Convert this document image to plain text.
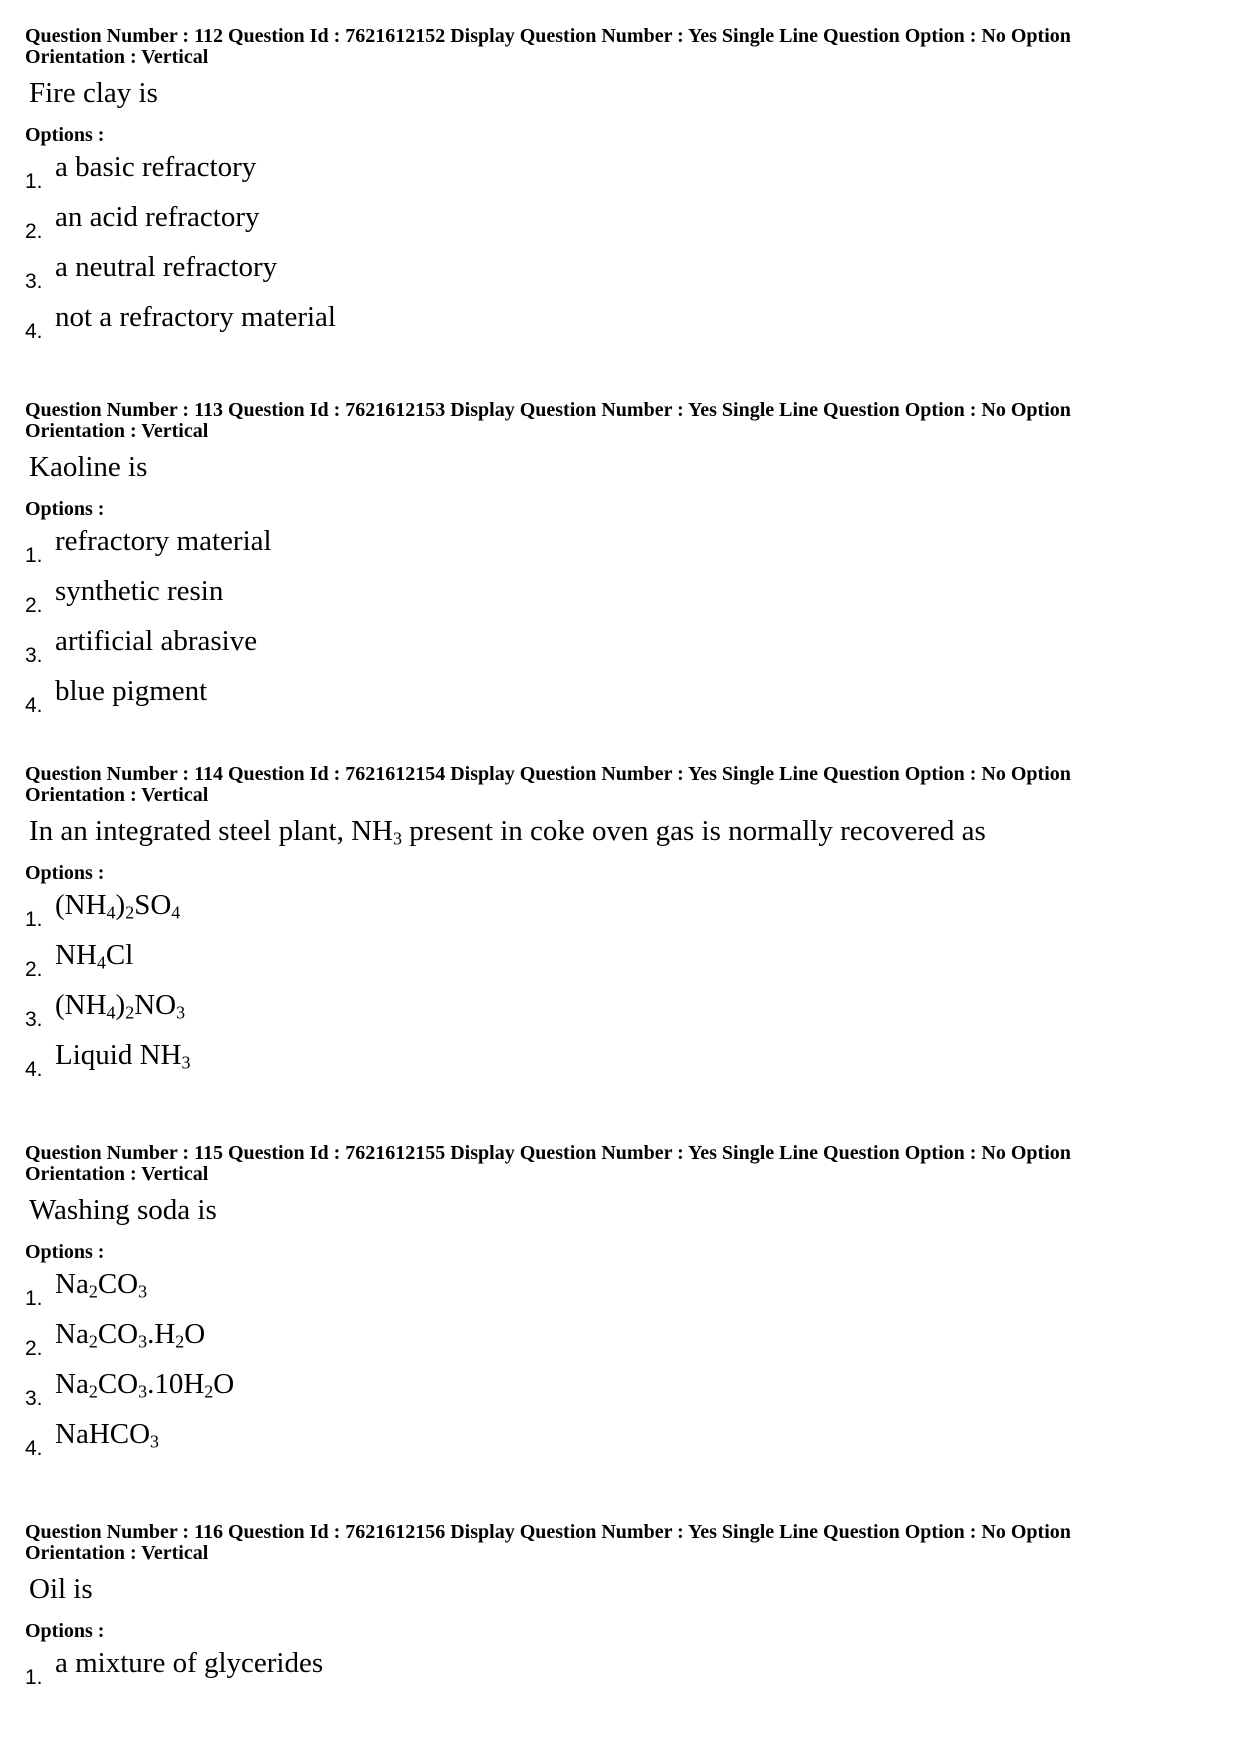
Question Number : 112 Question Id : 7621612152 Display Question Number : Yes Single Line Question Option : No Option
Orientation : Vertical

Fire clay is
Options :
1. a basic refractory
2. an acid refractory
3. a neutral refractory
4. not a refractory material

Question Number : 113 Question Id : 7621612153 Display Question Number : Yes Single Line Question Option : No Option
Orientation : Vertical

Kaoline is
Options :
1. refractory material
2. synthetic resin
3. artificial abrasive
4. blue pigment

Question Number : 114 Question Id : 7621612154 Display Question Number : Yes Single Line Question Option : No Option
Orientation : Vertical

In an integrated steel plant, $NH_3$ present in coke oven gas is normally recovered as
Options :
1. $(NH_4)_2SO_4$
2. $NH_4Cl$
3. $(NH_4)_2NO_3$
4. Liquid $NH_3$

Question Number : 115 Question Id : 7621612155 Display Question Number : Yes Single Line Question Option : No Option
Orientation : Vertical

Washing soda is
Options :
1. $Na_2CO_3$
2. $Na_2CO_3.H_2O$
3. $Na_2CO_3.10H_2O$
4. NaHCO$_3$

Question Number : 116 Question Id : 7621612156 Display Question Number : Yes Single Line Question Option : No Option
Orientation : Vertical

Oil is
Options :
1. a mixture of glycerides
